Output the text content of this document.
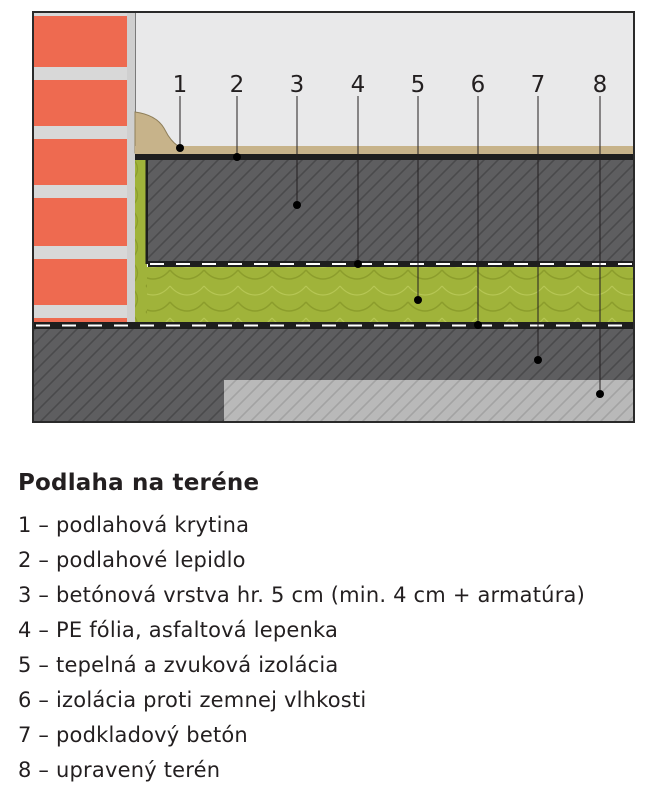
1 2 3 4 5 6 7 8
Podlaha na teréne
1 – podlahová krytina
2 – podlahové lepidlo
3 – betónová vrstva hr. 5 cm (min. 4 cm + armatúra)
4 – PE fólia, asfaltová lepenka
5 – tepelná a zvuková izolácia
6 – izolácia proti zemnej vlhkosti
7 – podkladový betón
8 – upravený terén
